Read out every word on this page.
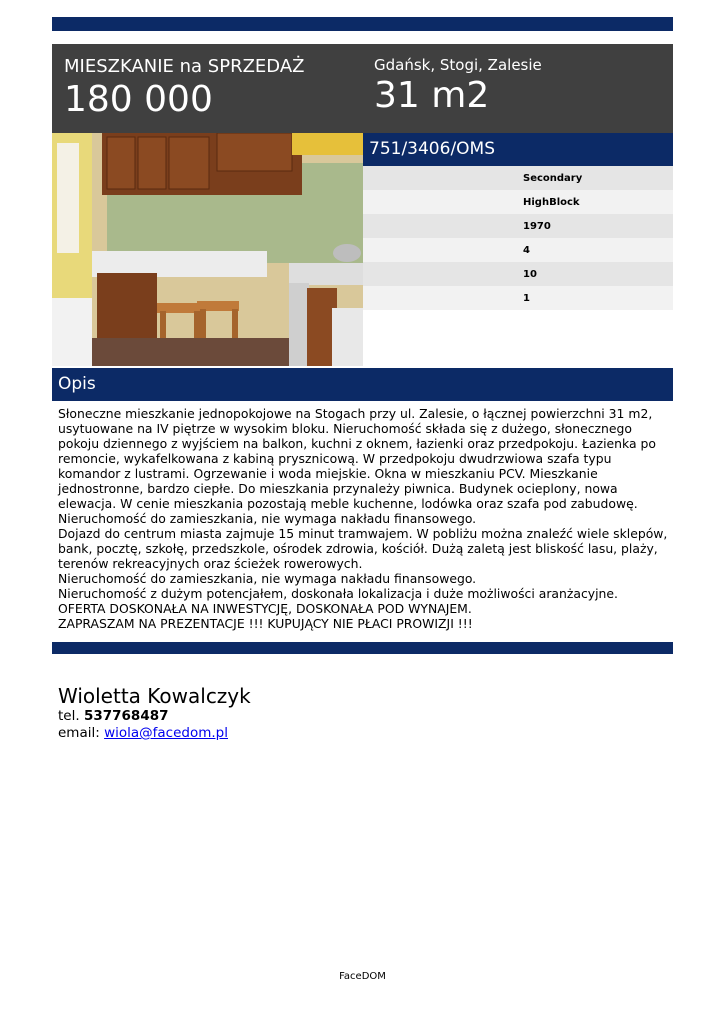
MIESZKANIE na SPRZEDAŻ
180 000
Gdańsk, Stogi, Zalesie
31 m2
751/3406/OMS
Secondary
HighBlock
1970
4
10
1
Opis

Słoneczne mieszkanie jednopokojowe na Stogach przy ul. Zalesie, o łącznej powierzchni 31 m2, usytuowane na IV piętrze w wysokim bloku. Nieruchomość składa się z dużego, słonecznego pokoju dziennego z wyjściem na balkon, kuchni z oknem, łazienki oraz przedpokoju. Łazienka po remoncie, wykafelkowana z kabiną prysznicową. W przedpokoju dwudrzwiowa szafa typu komandor z lustrami. Ogrzewanie i woda miejskie. Okna w mieszkaniu PCV. Mieszkanie jednostronne, bardzo ciepłe. Do mieszkania przynależy piwnica. Budynek ocieplony, nowa elewacja. W cenie mieszkania pozostają meble kuchenne, lodówka oraz szafa pod zabudowę.

Nieruchomość do zamieszkania, nie wymaga nakładu finansowego.

Dojazd do centrum miasta zajmuje 15 minut tramwajem. W pobliżu można znaleźć wiele sklepów, bank, pocztę, szkołę, przedszkole, ośrodek zdrowia, kościół. Dużą zaletą jest bliskość lasu, plaży, terenów rekreacyjnych oraz ścieżek rowerowych.

Nieruchomość do zamieszkania, nie wymaga nakładu finansowego.

Nieruchomość z dużym potencjałem, doskonała lokalizacja i duże możliwości aranżacyjne.

OFERTA DOSKONAŁA NA INWESTYCJĘ, DOSKONAŁA POD WYNAJEM.

ZAPRASZAM NA PREZENTACJE !!! KUPUJĄCY NIE PŁACI PROWIZJI !!!

Wioletta Kowalczyk
tel. 537768487
email: wiola@facedom.pl
FaceDOM
